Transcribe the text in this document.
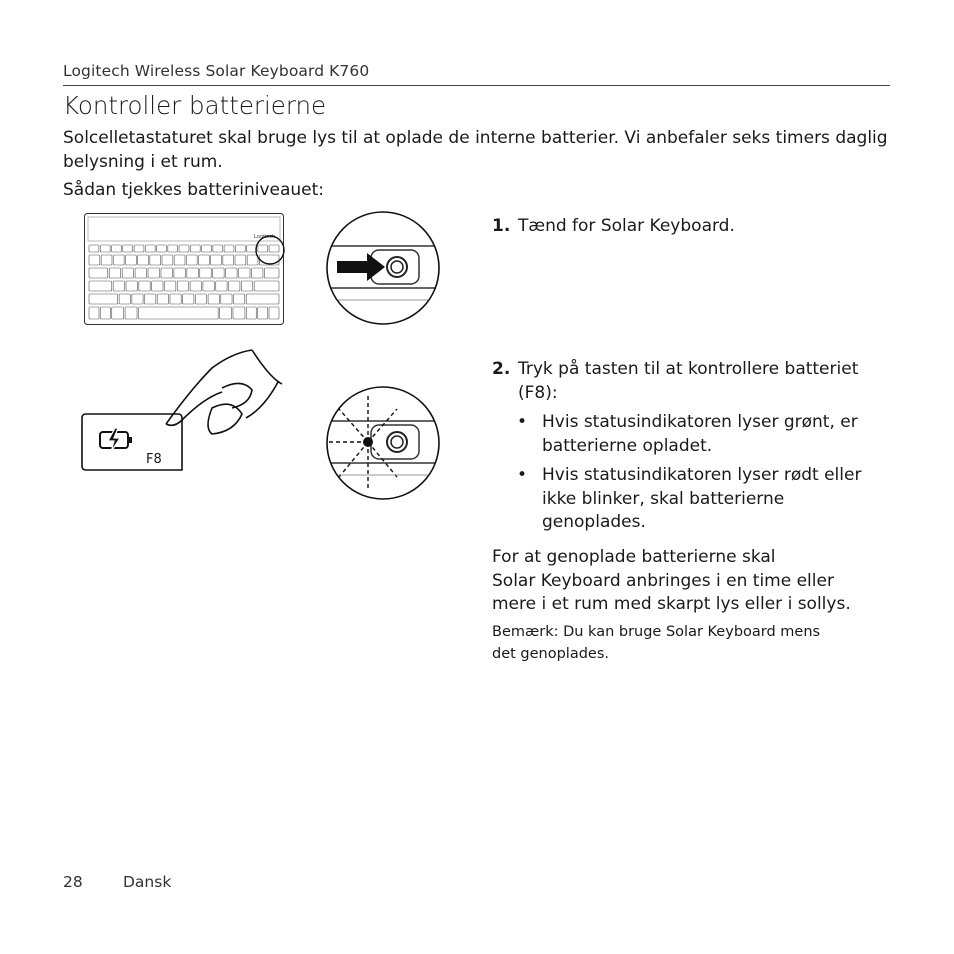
Logitech Wireless Solar Keyboard K760
Kontroller batterierne
Solcelletastaturet skal bruge lys til at oplade de interne batterier. Vi anbefaler seks timers daglig belysning i et rum.
Sådan tjekkes batteriniveauet:
Logitech
F8
1. Tænd for Solar Keyboard.
2. Tryk på tasten til at kontrollere batteriet (F8):
• Hvis statusindikatoren lyser grønt, er batterierne opladet.
• Hvis statusindikatoren lyser rødt eller ikke blinker, skal batterierne genoplades.
For at genoplade batterierne skal
Solar Keyboard anbringes i en time eller
mere i et rum med skarpt lys eller i sollys.
Bemærk: Du kan bruge Solar Keyboard mens
det genoplades.
28	Dansk
